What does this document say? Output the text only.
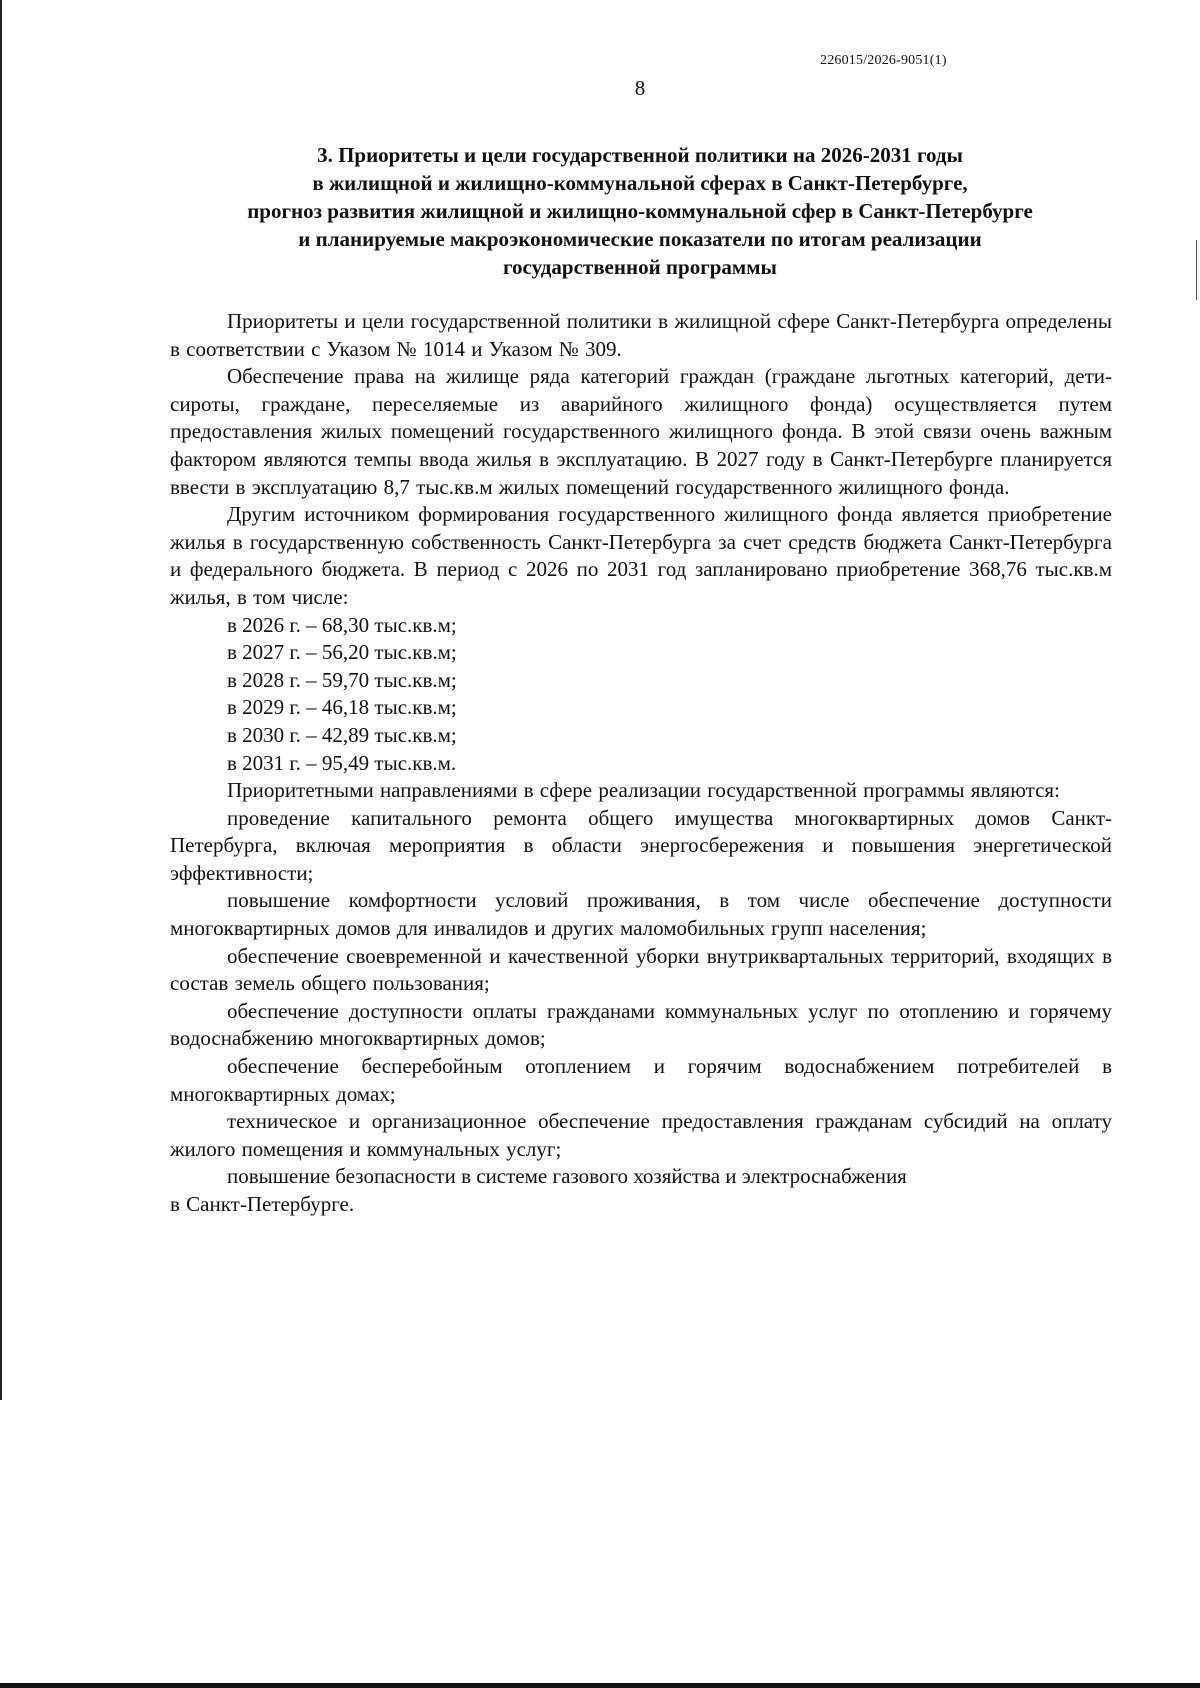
226015/2026-9051(1)
8
3. Приоритеты и цели государственной политики на 2026-2031 годы
в жилищной и жилищно-коммунальной сферах в Санкт-Петербурге,
прогноз развития жилищной и жилищно-коммунальной сфер в Санкт-Петербурге
и планируемые макроэкономические показатели по итогам реализации
государственной программы

Приоритеты и цели государственной политики в жилищной сфере Санкт-Петербурга определены в соответствии с Указом № 1014 и Указом № 309.

Обеспечение права на жилище ряда категорий граждан (граждане льготных категорий, дети-сироты, граждане, переселяемые из аварийного жилищного фонда) осуществляется путем предоставления жилых помещений государственного жилищного фонда. В этой связи очень важным фактором являются темпы ввода жилья в эксплуатацию. В 2027 году в Санкт-Петербурге планируется ввести в эксплуатацию 8,7 тыс.кв.м жилых помещений государственного жилищного фонда.

Другим источником формирования государственного жилищного фонда является приобретение жилья в государственную собственность Санкт-Петербурга за счет средств бюджета Санкт-Петербурга и федерального бюджета. В период с 2026 по 2031 год запланировано приобретение 368,76 тыс.кв.м жилья, в том числе:

в 2026 г. – 68,30 тыс.кв.м;

в 2027 г. – 56,20 тыс.кв.м;

в 2028 г. – 59,70 тыс.кв.м;

в 2029 г. – 46,18 тыс.кв.м;

в 2030 г. – 42,89 тыс.кв.м;

в 2031 г. – 95,49 тыс.кв.м.

Приоритетными направлениями в сфере реализации государственной программы являются:

проведение капитального ремонта общего имущества многоквартирных домов Санкт-Петербурга, включая мероприятия в области энергосбережения и повышения энергетической эффективности;

повышение комфортности условий проживания, в том числе обеспечение доступности многоквартирных домов для инвалидов и других маломобильных групп населения;

обеспечение своевременной и качественной уборки внутриквартальных территорий, входящих в состав земель общего пользования;

обеспечение доступности оплаты гражданами коммунальных услуг по отоплению и горячему водоснабжению многоквартирных домов;

обеспечение бесперебойным отоплением и горячим водоснабжением потребителей в многоквартирных домах;

техническое и организационное обеспечение предоставления гражданам субсидий на оплату жилого помещения и коммунальных услуг;

повышение безопасности в системе газового хозяйства и электроснабжения

в Санкт-Петербурге.
